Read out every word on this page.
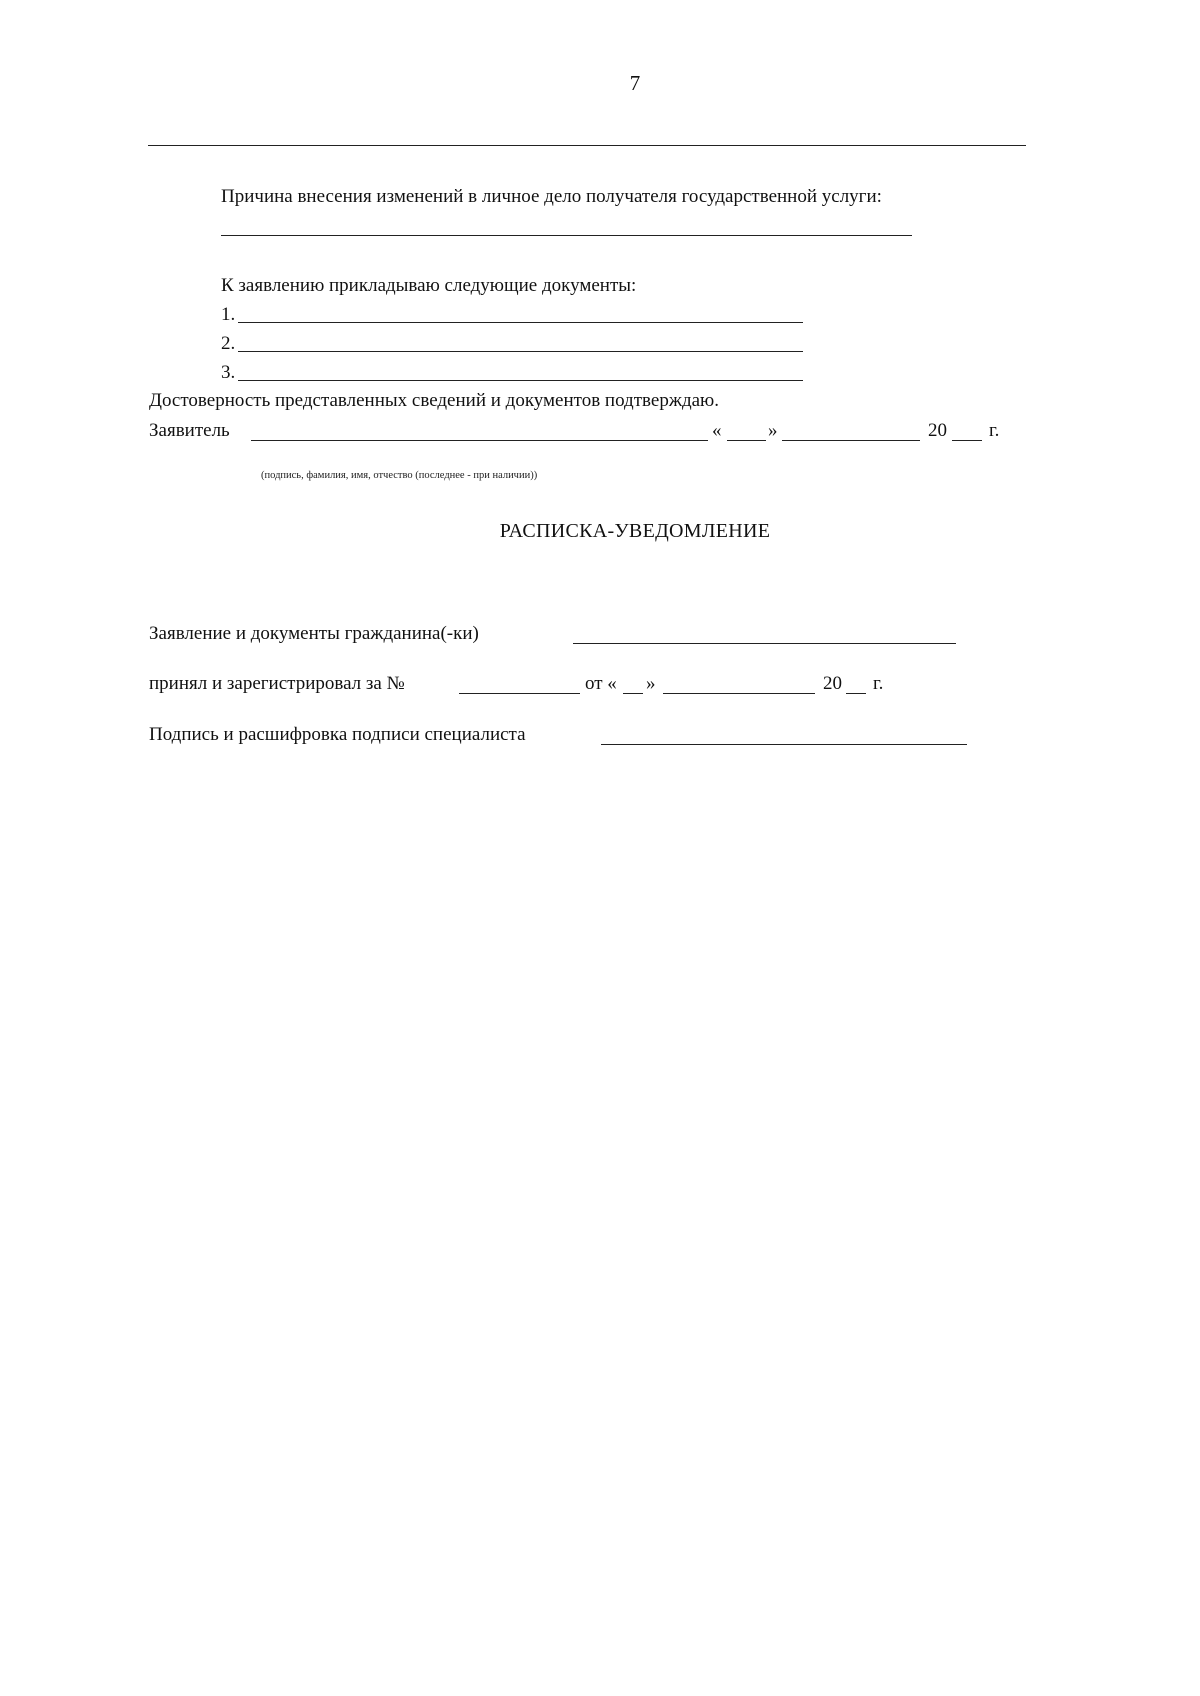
7
Причина внесения изменений в личное дело получателя государственной услуги:
К заявлению прикладываю следующие документы:
1.
2.
3.
Достоверность представленных сведений и документов подтверждаю.
Заявитель	« »	20 г.
(подпись, фамилия, имя, отчество (последнее - при наличии))
РАСПИСКА-УВЕДОМЛЕНИЕ
Заявление и документы гражданина(-ки)
принял и зарегистрировал за №	от « »	20 г.
Подпись и расшифровка подписи специалиста
